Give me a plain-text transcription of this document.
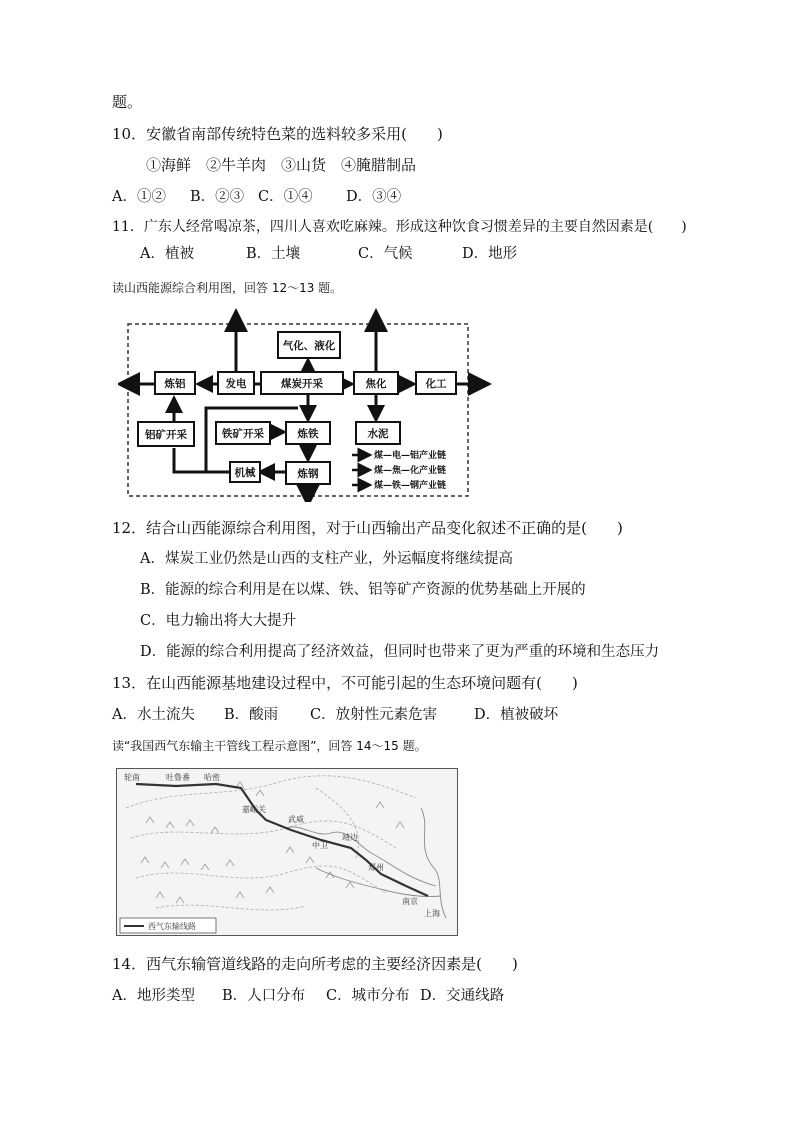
题。
10．安徽省南部传统特色菜的选料较多采用(　　)
①海鲜　②牛羊肉　③山货　④腌腊制品
A．①② B．②③ C．①④ D．③④
11．广东人经常喝凉茶，四川人喜欢吃麻辣。形成这种饮食习惯差异的主要自然因素是(　　)
A．植被	B．土壤	C．气候	D．地形
读山西能源综合利用图，回答 12～13 题。
气化、液化
煤炭开采
发电
炼铝	焦化	化工
铝矿开采	铁矿开采	炼铁	水泥
机械	炼钢
煤—电—铝产业链
煤—焦—化产业链
煤—铁—钢产业链
12．结合山西能源综合利用图，对于山西输出产品变化叙述不正确的是(　　)
A．煤炭工业仍然是山西的支柱产业，外运幅度将继续提高
B．能源的综合利用是在以煤、铁、铝等矿产资源的优势基础上开展的
C．电力输出将大大提升
D．能源的综合利用提高了经济效益，但同时也带来了更为严重的环境和生态压力
13．在山西能源基地建设过程中，不可能引起的生态环境问题有(　　)
A．水土流失 B．酸雨 C．放射性元素危害	D．植被破坏
读“我国西气东输主干管线工程示意图”，回答 14～15 题。
轮南	吐鲁番 哈密
嘉峪关
武威
中卫
靖边
郑州
南京
上海
西气东输线路
14．西气东输管道线路的走向所考虑的主要经济因素是(　　)
A．地形类型 B．人口分布 C．城市分布 D．交通线路
